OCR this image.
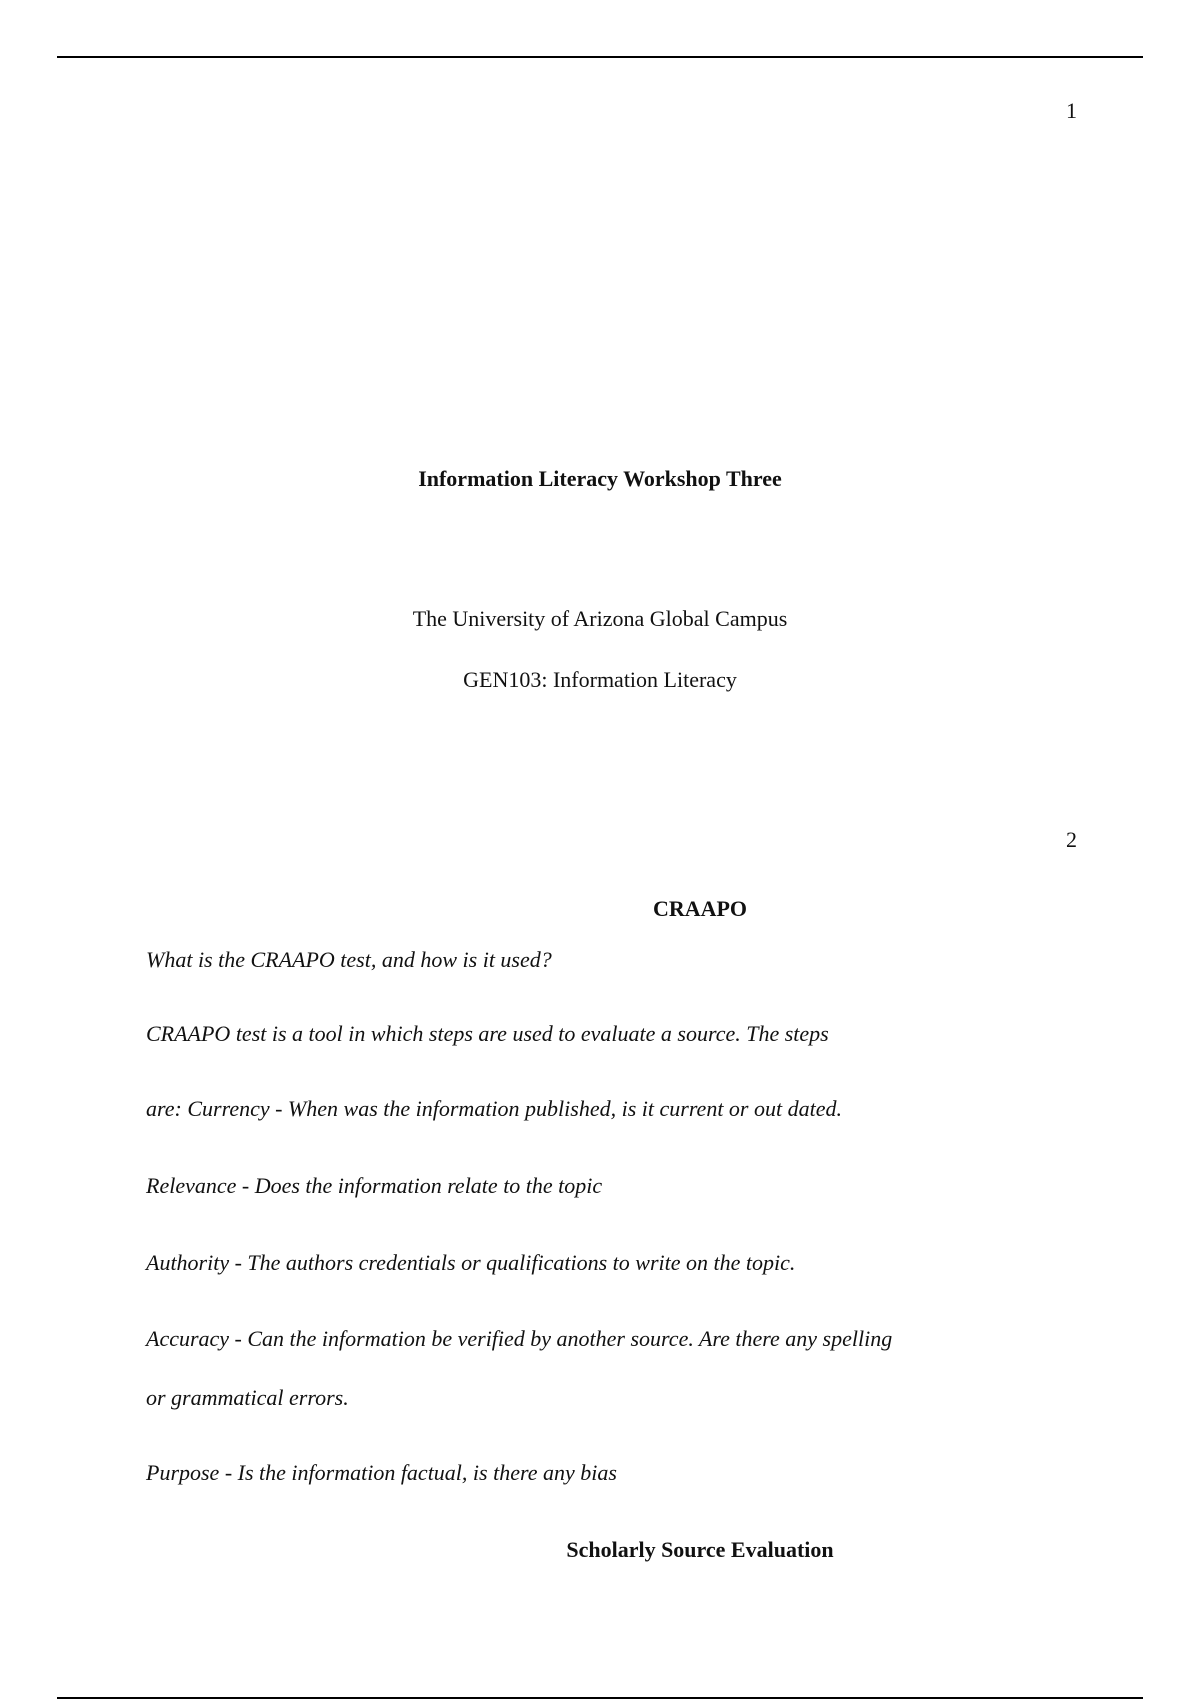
1
Information Literacy Workshop Three
The University of Arizona Global Campus
GEN103: Information Literacy
2
CRAAPO
What is the CRAAPO test, and how is it used?
CRAAPO test is a tool in which steps are used to evaluate a source. The steps
are: Currency - When was the information published, is it current or out dated.
Relevance - Does the information relate to the topic
Authority - The authors credentials or qualifications to write on the topic.
Accuracy - Can the information be verified by another source. Are there any spelling
or grammatical errors.
Purpose - Is the information factual, is there any bias
Scholarly Source Evaluation
